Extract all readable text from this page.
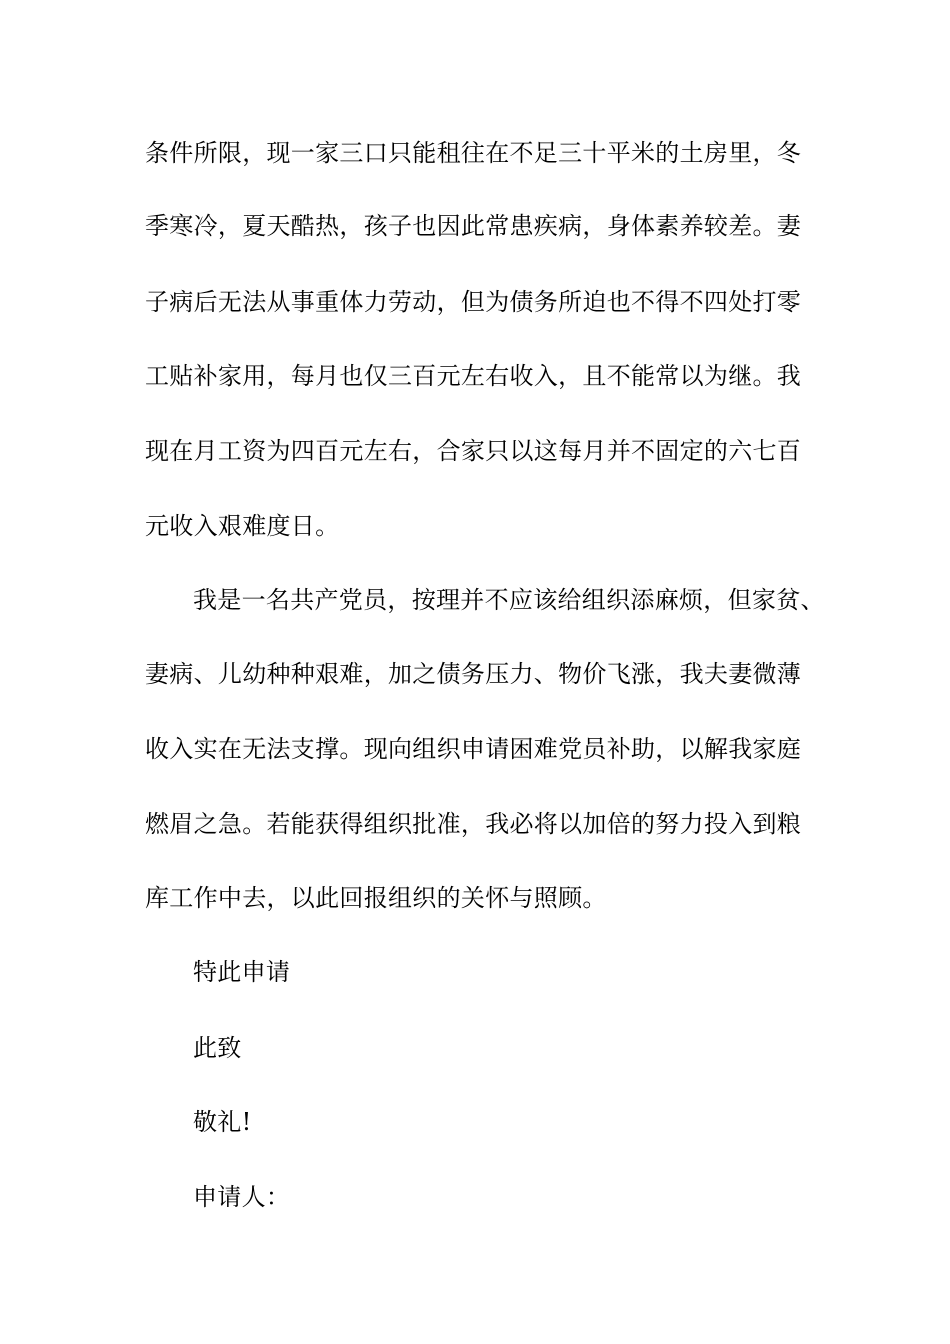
条件所限，现一家三口只能租往在不足三十平米的土房里，冬
季寒冷，夏天酷热，孩子也因此常患疾病，身体素养较差。妻
子病后无法从事重体力劳动，但为债务所迫也不得不四处打零
工贴补家用，每月也仅三百元左右收入，且不能常以为继。我
现在月工资为四百元左右，合家只以这每月并不固定的六七百
元收入艰难度日。
我是一名共产党员，按理并不应该给组织添麻烦，但家贫、
妻病、儿幼种种艰难，加之债务压力、物价飞涨，我夫妻微薄
收入实在无法支撑。现向组织申请困难党员补助，以解我家庭
燃眉之急。若能获得组织批准，我必将以加倍的努力投入到粮
库工作中去，以此回报组织的关怀与照顾。
特此申请
此致
敬礼!
申请人：
